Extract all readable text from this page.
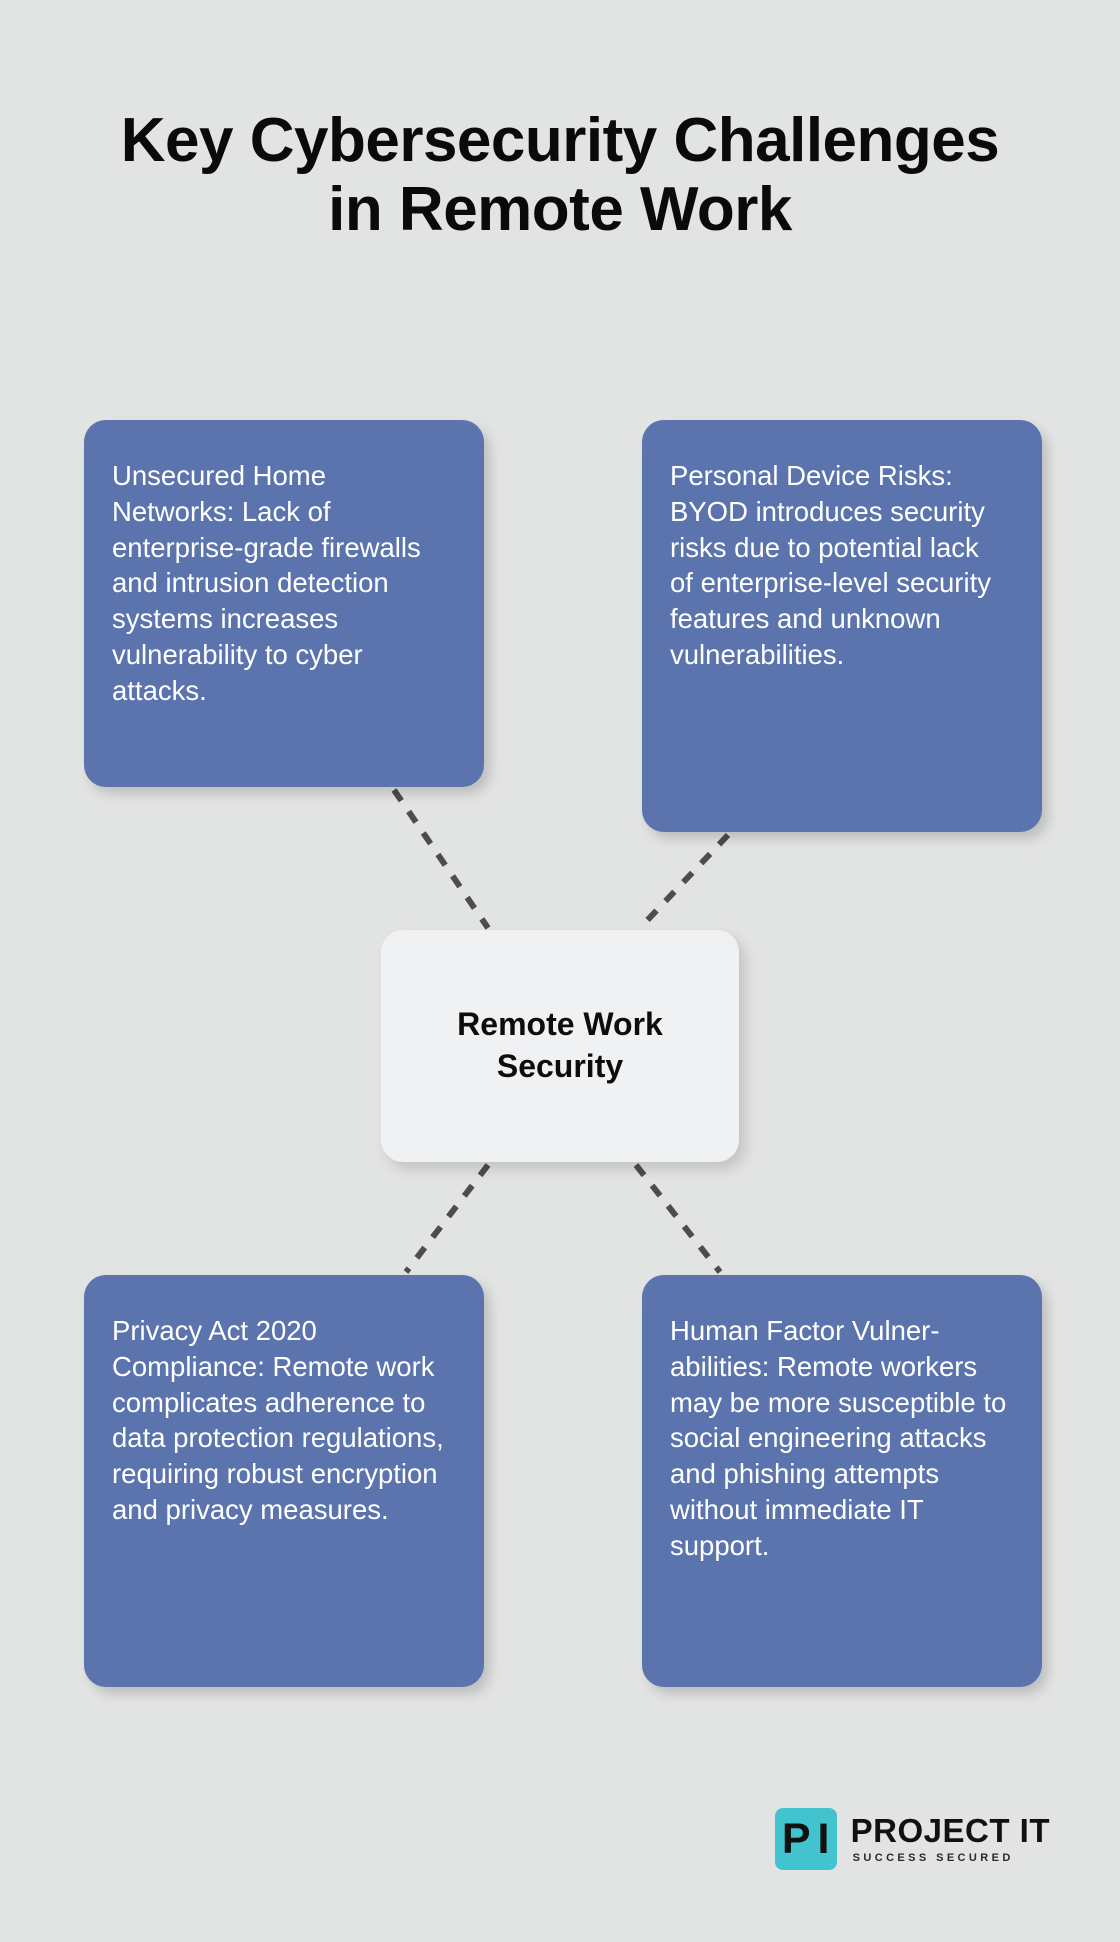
Key Cybersecurity Challenges
in Remote Work

Unsecured Home Networks: Lack of enterprise-grade firewalls and intrusion detection systems increases vulnerability to cyber attacks.

Personal Device Risks: BYOD introduces security risks due to potential lack of enterprise-level security features and unknown vulnerabilities.

Privacy Act 2020 Compliance: Remote work complicates adherence to data protection regulations, requiring robust encryption and privacy measures.

Human Factor Vulnerabilities: Remote workers may be more susceptible to social engineering attacks and phishing attempts without immediate IT support.

Remote Work Security
P I PROJECT IT
SUCCESS SECURED
